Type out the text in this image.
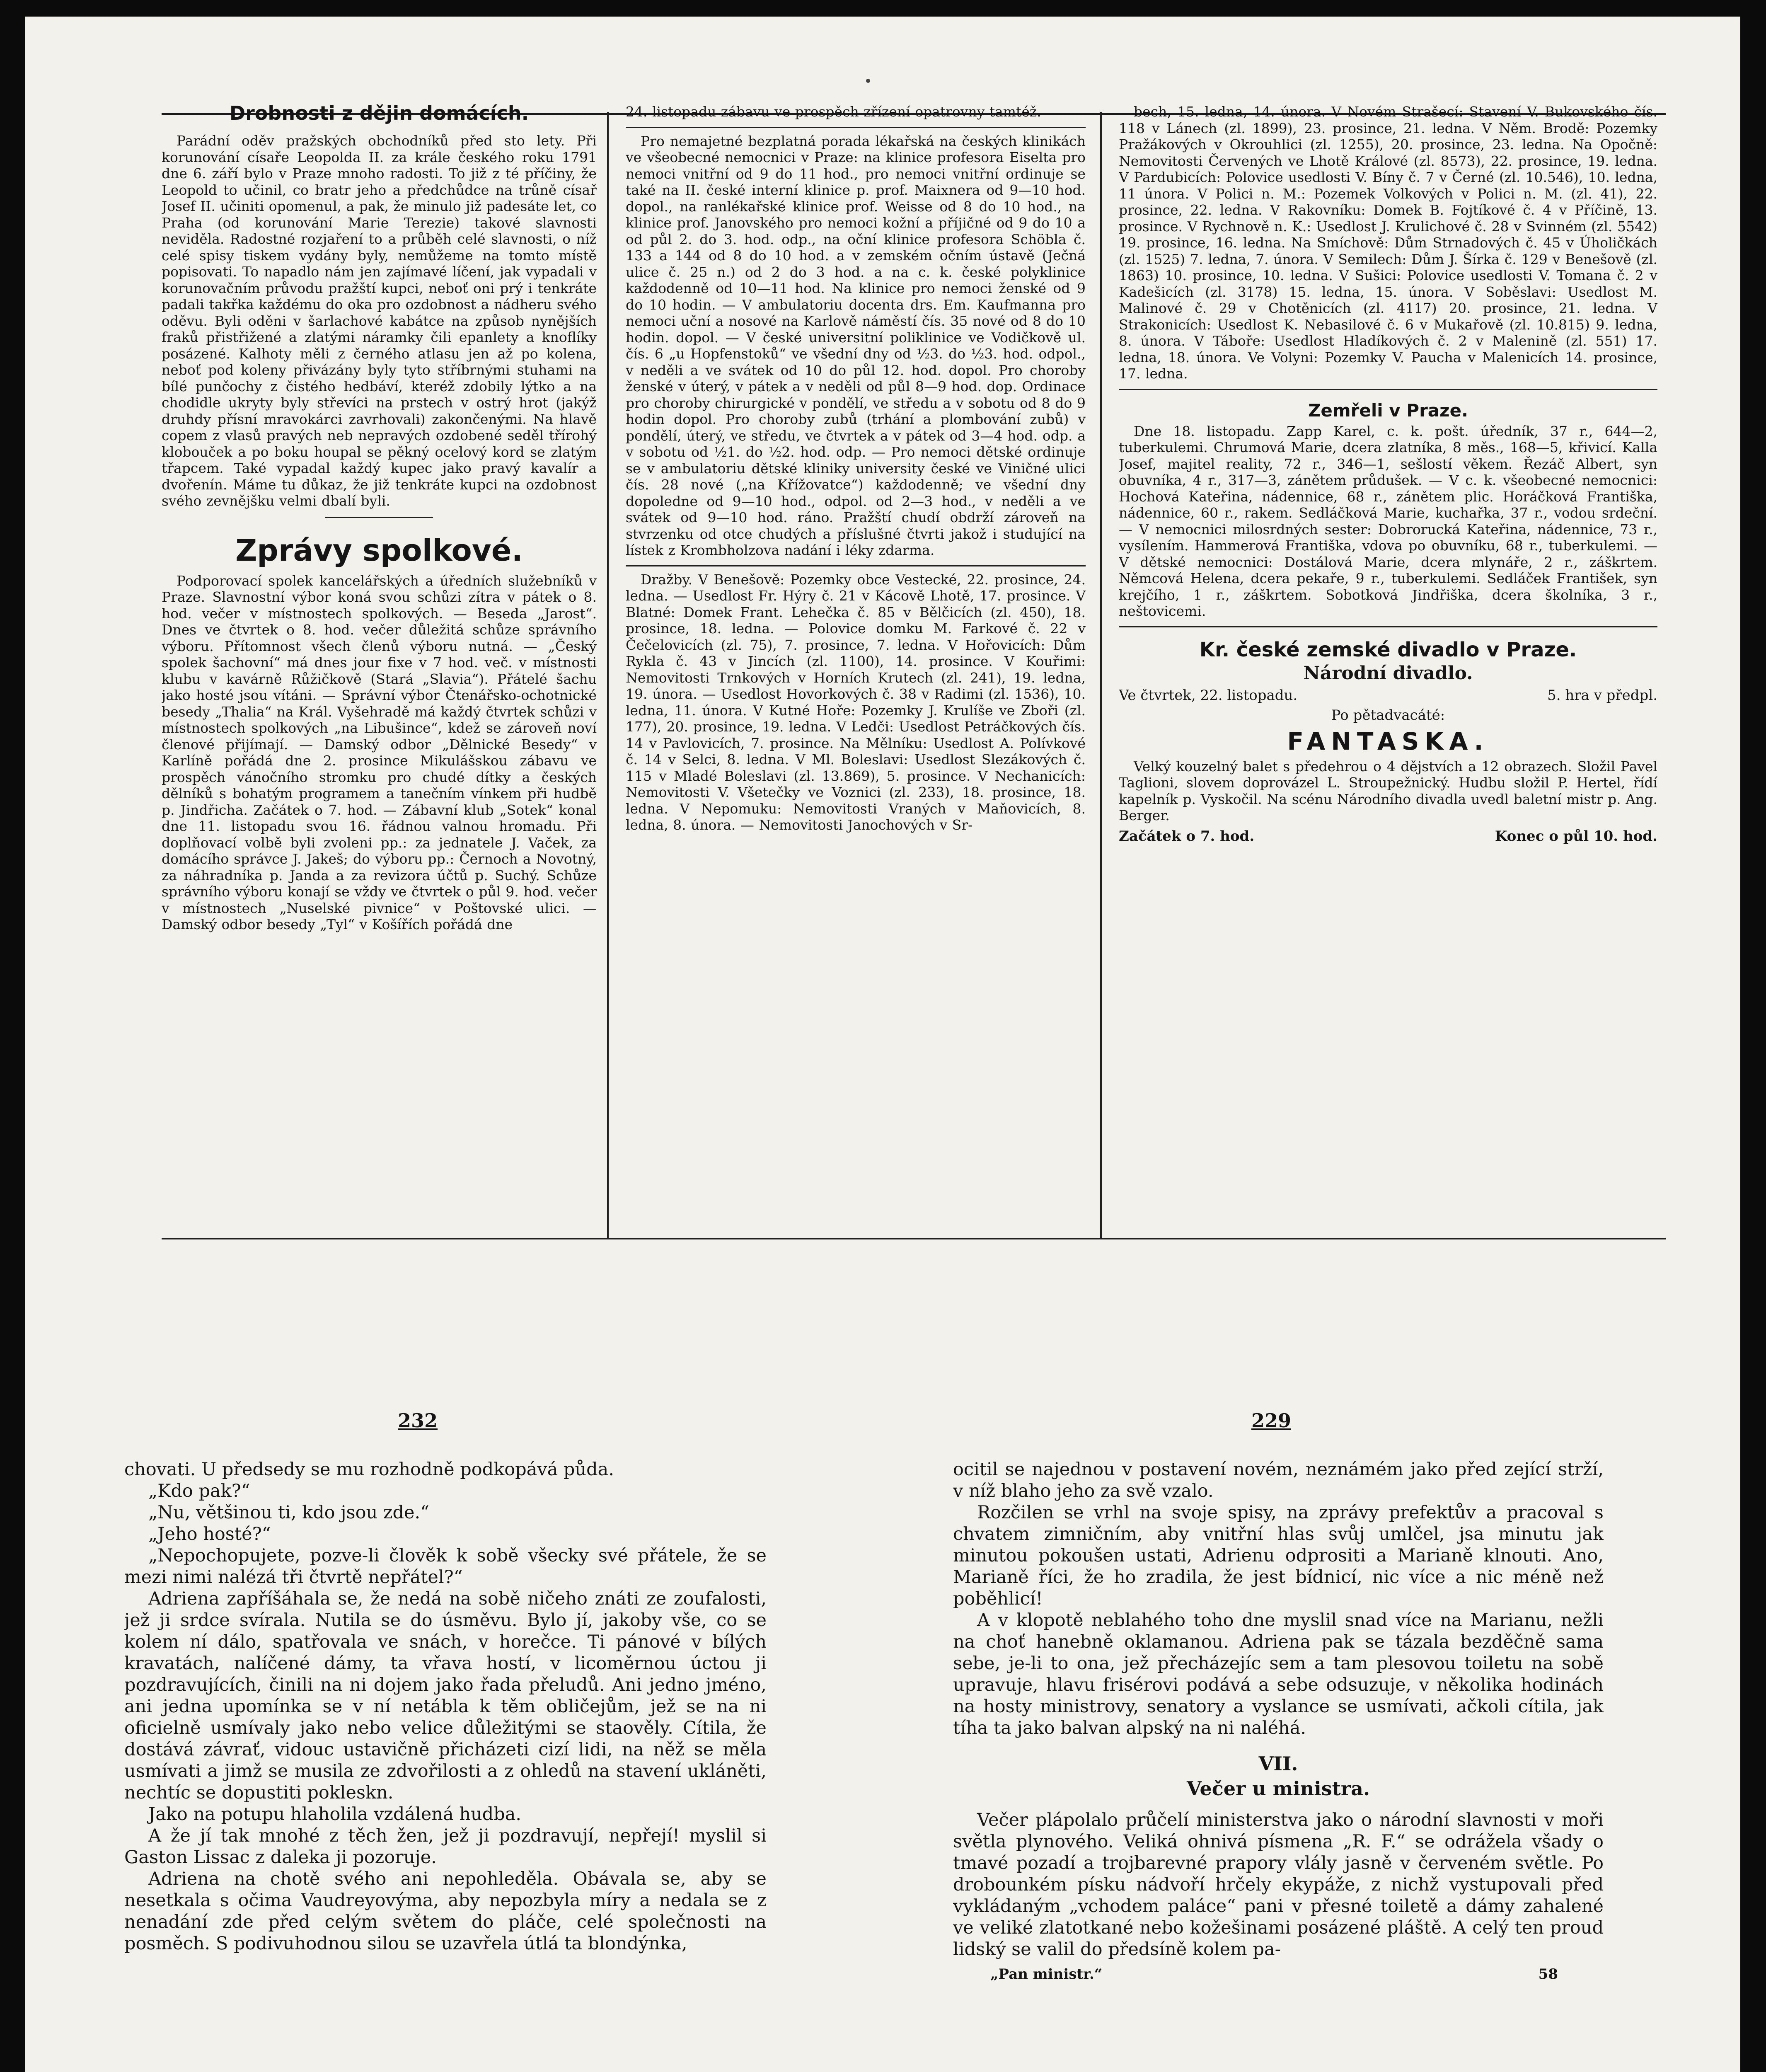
Drobnosti z dějin domácích.

Parádní oděv pražských obchodníků před sto lety. Při korunování císaře Leopolda II. za krále českého roku 1791 dne 6. září bylo v Praze mnoho radosti. To již z té příčiny, že Leopold to učinil, co bratr jeho a předchůdce na trůně císař Josef II. učiniti opomenul, a pak, že minulo již padesáte let, co Praha (od korunování Marie Terezie) takové slavnosti neviděla. Radostné rozjaření to a průběh celé slavnosti, o níž celé spisy tiskem vydány byly, nemůžeme na tomto místě popisovati. To napadlo nám jen zajímavé líčení, jak vypadali v korunovačním průvodu pražští kupci, neboť oni prý i tenkráte padali takřka každému do oka pro ozdobnost a nádheru svého oděvu. Byli oděni v šarlachové kabátce na způsob nynějších fraků přistřižené a zlatými náramky čili epanlety a knoflíky posázené. Kalhoty měli z černého atlasu jen až po kolena, neboť pod koleny přivázány byly tyto stříbrnými stuhami na bílé punčochy z čistého hedbáví, kteréž zdobily lýtko a na chodidle ukryty byly střevíci na prstech v ostrý hrot (jakýž druhdy přísní mravokárci zavrhovali) zakončenými. Na hlavě copem z vlasů pravých neb nepravých ozdobené seděl třírohý klobouček a po boku houpal se pěkný ocelový kord se zlatým třapcem. Také vypadal každý kupec jako pravý kavalír a dvořenín. Máme tu důkaz, že již tenkráte kupci na ozdobnost svého zevnějšku velmi dbalí byli.

Zprávy spolkové.

Podporovací spolek kancelářských a úředních služebníků v Praze. Slavnostní výbor koná svou schůzi zítra v pátek o 8. hod. večer v místnostech spolkových. — Beseda „Jarost“. Dnes ve čtvrtek o 8. hod. večer důležitá schůze správního výboru. Přítomnost všech členů výboru nutná. — „Český spolek šachovní“ má dnes jour fixe v 7 hod. več. v místnosti klubu v kavárně Růžičkově (Stará „Slavia“). Přátelé šachu jako hosté jsou vítáni. — Správní výbor Čtenářsko-ochotnické besedy „Thalia“ na Král. Vyšehradě má každý čtvrtek schůzi v místnostech spolkových „na Libušince“, kdež se zároveň noví členové přijímají. — Damský odbor „Dělnické Besedy“ v Karlíně pořádá dne 2. prosince Mikulášskou zábavu ve prospěch vánočního stromku pro chudé dítky a českých dělníků s bohatým programem a tanečním vínkem při hudbě p. Jindřicha. Začátek o 7. hod. — Zábavní klub „Sotek“ konal dne 11. listopadu svou 16. řádnou valnou hromadu. Při doplňovací volbě byli zvoleni pp.: za jednatele J. Vaček, za domácího správce J. Jakeš; do výboru pp.: Černoch a Novotný, za náhradníka p. Janda a za revizora účtů p. Suchý. Schůze správního výboru konají se vždy ve čtvrtek o půl 9. hod. večer v místnostech „Nuselské pivnice“ v Poštovské ulici. — Damský odbor besedy „Tyl“ v Košířích pořádá dne

24. listopadu zábavu ve prospěch zřízení opatrovny tamtéž.

Pro nemajetné bezplatná porada lékařská na českých klinikách ve všeobecné nemocnici v Praze: na klinice profesora Eiselta pro nemoci vnitřní od 9 do 11 hod., pro nemoci vnitřní ordinuje se také na II. české interní klinice p. prof. Maixnera od 9—10 hod. dopol., na ranlékařské klinice prof. Weisse od 8 do 10 hod., na klinice prof. Janovského pro nemoci kožní a příjičné od 9 do 10 a od půl 2. do 3. hod. odp., na oční klinice profesora Schöbla č. 133 a 144 od 8 do 10 hod. a v zemském očním ústavě (Ječná ulice č. 25 n.) od 2 do 3 hod. a na c. k. české polyklinice každodenně od 10—11 hod. Na klinice pro nemoci ženské od 9 do 10 hodin. — V ambulatoriu docenta drs. Em. Kaufmanna pro nemoci uční a nosové na Karlově náměstí čís. 35 nové od 8 do 10 hodin. dopol. — V české universitní poliklinice ve Vodičkově ul. čís. 6 „u Hopfenstoků“ ve všední dny od ½3. do ½3. hod. odpol., v neděli a ve svátek od 10 do půl 12. hod. dopol. Pro choroby ženské v úterý, v pátek a v neděli od půl 8—9 hod. dop. Ordinace pro choroby chirurgické v pondělí, ve středu a v sobotu od 8 do 9 hodin dopol. Pro choroby zubů (trhání a plombování zubů) v pondělí, úterý, ve středu, ve čtvrtek a v pátek od 3—4 hod. odp. a v sobotu od ½1. do ½2. hod. odp. — Pro nemoci dětské ordinuje se v ambulatoriu dětské kliniky university české ve Viničné ulici čís. 28 nové („na Křížovatce“) každodenně; ve všední dny dopoledne od 9—10 hod., odpol. od 2—3 hod., v neděli a ve svátek od 9—10 hod. ráno. Pražští chudí obdrží zároveň na stvrzenku od otce chudých a příslušné čtvrti jakož i studující na lístek z Krombholzova nadání i léky zdarma.

Dražby. V Benešově: Pozemky obce Vestecké, 22. prosince, 24. ledna. — Usedlost Fr. Hýry č. 21 v Kácově Lhotě, 17. prosince. V Blatné: Domek Frant. Lehečka č. 85 v Bělčicích (zl. 450), 18. prosince, 18. ledna. — Polovice domku M. Farkové č. 22 v Čečelovicích (zl. 75), 7. prosince, 7. ledna. V Hořovicích: Dům Rykla č. 43 v Jincích (zl. 1100), 14. prosince. V Kouřimi: Nemovitosti Trnkových v Horních Krutech (zl. 241), 19. ledna, 19. února. — Usedlost Hovorkových č. 38 v Radimi (zl. 1536), 10. ledna, 11. února. V Kutné Hoře: Pozemky J. Krulíše ve Zboři (zl. 177), 20. prosince, 19. ledna. V Ledči: Usedlost Petráčkových čís. 14 v Pavlovicích, 7. prosince. Na Mělníku: Usedlost A. Polívkové č. 14 v Selci, 8. ledna. V Ml. Boleslavi: Usedlost Slezákových č. 115 v Mladé Boleslavi (zl. 13.869), 5. prosince. V Nechanicích: Nemovitosti V. Všetečky ve Voznici (zl. 233), 18. prosince, 18. ledna. V Nepomuku: Nemovitosti Vraných v Maňovicích, 8. ledna, 8. února. — Nemovitosti Janochových v Sr-

bech, 15. ledna, 14. února. V Novém Strašecí: Stavení V. Bukovského čís. 118 v Lánech (zl. 1899), 23. prosince, 21. ledna. V Něm. Brodě: Pozemky Pražákových v Okrouhlici (zl. 1255), 20. prosince, 23. ledna. Na Opočně: Nemovitosti Červených ve Lhotě Králové (zl. 8573), 22. prosince, 19. ledna. V Pardubicích: Polovice usedlosti V. Bíny č. 7 v Černé (zl. 10.546), 10. ledna, 11 února. V Polici n. M.: Pozemek Volkových v Polici n. M. (zl. 41), 22. prosince, 22. ledna. V Rakovníku: Domek B. Fojtíkové č. 4 v Příčině, 13. prosince. V Rychnově n. K.: Usedlost J. Krulichové č. 28 v Svinném (zl. 5542) 19. prosince, 16. ledna. Na Smíchově: Dům Strnadových č. 45 v Úholičkách (zl. 1525) 7. ledna, 7. února. V Semilech: Dům J. Šírka č. 129 v Benešově (zl. 1863) 10. prosince, 10. ledna. V Sušici: Polovice usedlosti V. Tomana č. 2 v Kadešicích (zl. 3178) 15. ledna, 15. února. V Soběslavi: Usedlost M. Malinové č. 29 v Chotěnicích (zl. 4117) 20. prosince, 21. ledna. V Strakonicích: Usedlost K. Nebasilové č. 6 v Mukařově (zl. 10.815) 9. ledna, 8. února. V Táboře: Usedlost Hladíkových č. 2 v Malenině (zl. 551) 17. ledna, 18. února. Ve Volyni: Pozemky V. Paucha v Malenicích 14. prosince, 17. ledna.

Zemřeli v Praze.

Dne 18. listopadu. Zapp Karel, c. k. pošt. úředník, 37 r., 644—2, tuberkulemi. Chrumová Marie, dcera zlatníka, 8 měs., 168—5, křivicí. Kalla Josef, majitel reality, 72 r., 346—1, sešlostí věkem. Řezáč Albert, syn obuvníka, 4 r., 317—3, zánětem průdušek. — V c. k. všeobecné nemocnici: Hochová Kateřina, nádennice, 68 r., zánětem plic. Horáčková Františka, nádennice, 60 r., rakem. Sedláčková Marie, kuchařka, 37 r., vodou srdeční. — V nemocnici milosrdných sester: Dobrorucká Kateřina, nádennice, 73 r., vysílením. Hammerová Františka, vdova po obuvníku, 68 r., tuberkulemi. — V dětské nemocnici: Dostálová Marie, dcera mlynáře, 2 r., záškrtem. Němcová Helena, dcera pekaře, 9 r., tuberkulemi. Sedláček František, syn krejčího, 1 r., záškrtem. Sobotková Jindřiška, dcera školníka, 3 r., neštovicemi.

Kr. české zemské divadlo v Praze.

Národní divadlo.

Ve čtvrtek, 22. listopadu.	5. hra v předpl.

Po pětadvacáté:

FANTASKA.

Velký kouzelný balet s předehrou o 4 dějstvích a 12 obrazech. Složil Pavel Taglioni, slovem doprovázel L. Stroupežnický. Hudbu složil P. Hertel, řídí kapelník p. Vyskočil. Na scénu Národního divadla uvedl baletní mistr p. Ang. Berger.

Začátek o 7. hod.	Konec o půl 10. hod.
232	229

chovati. U předsedy se mu rozhodně podkopává půda.

„Kdo pak?“

„Nu, většinou ti, kdo jsou zde.“

„Jeho hosté?“

„Nepochopujete, pozve-li člověk k sobě všecky své přátele, že se mezi nimi nalézá tři čtvrtě nepřátel?“

Adriena zapříšáhala se, že nedá na sobě ničeho znáti ze zoufalosti, jež ji srdce svírala. Nutila se do úsměvu. Bylo jí, jakoby vše, co se kolem ní dálo, spatřovala ve snách, v horečce. Ti pánové v bílých kravatách, nalíčené dámy, ta vřava hostí, v licoměrnou úctou ji pozdravujících, činili na ni dojem jako řada přeludů. Ani jedno jméno, ani jedna upomínka se v ní netábla k těm obličejům, jež se na ni oficielně usmívaly jako nebo velice důležitými se staověly. Cítila, že dostává závrať, vidouc ustavičně přicházeti cizí lidi, na něž se měla usmívati a jimž se musila ze zdvořilosti a z ohledů na stavení ukláněti, nechtíc se dopustiti pokleskn.

Jako na potupu hlaholila vzdálená hudba.

A že jí tak mnohé z těch žen, jež ji pozdravují, nepřejí! myslil si Gaston Lissac z daleka ji pozoruje.

Adriena na chotě svého ani nepohleděla. Obávala se, aby se nesetkala s očima Vaudreyovýma, aby nepozbyla míry a nedala se z nenadání zde před celým světem do pláče, celé společnosti na posměch. S podivuhodnou silou se uzavřela útlá ta blondýnka,

ocitil se najednou v postavení novém, neznámém jako před zející strží, v níž blaho jeho za svě vzalo.

Rozčilen se vrhl na svoje spisy, na zprávy prefektův a pracoval s chvatem zimničním, aby vnitřní hlas svůj umlčel, jsa minutu jak minutou pokoušen ustati, Adrienu odprositi a Marianě klnouti. Ano, Marianě říci, že ho zradila, že jest bídnicí, nic více a nic méně než poběhlicí!

A v klopotě neblahého toho dne myslil snad více na Marianu, nežli na choť hanebně oklamanou. Adriena pak se tázala bezděčně sama sebe, je-li to ona, jež přecházejíc sem a tam plesovou toiletu na sobě upravuje, hlavu frisérovi podává a sebe odsuzuje, v několika hodinách na hosty ministrovy, senatory a vyslance se usmívati, ačkoli cítila, jak tíha ta jako balvan alpský na ni naléhá.

VII.

Večer u ministra.

Večer plápolalo průčelí ministerstva jako o národní slavnosti v moři světla plynového. Veliká ohnivá písmena „R. F.“ se odrážela všady o tmavé pozadí a trojbarevné prapory vlály jasně v červeném světle. Po drobounkém písku nádvoří hrčely ekypáže, z nichž vystupovali před vykládaným „vchodem paláce“ pani v přesné toiletě a dámy zahalené ve veliké zlatotkané nebo kožešinami posázené pláště. A celý ten proud lidský se valil do předsíně kolem pa-

„Pan ministr.“	58
